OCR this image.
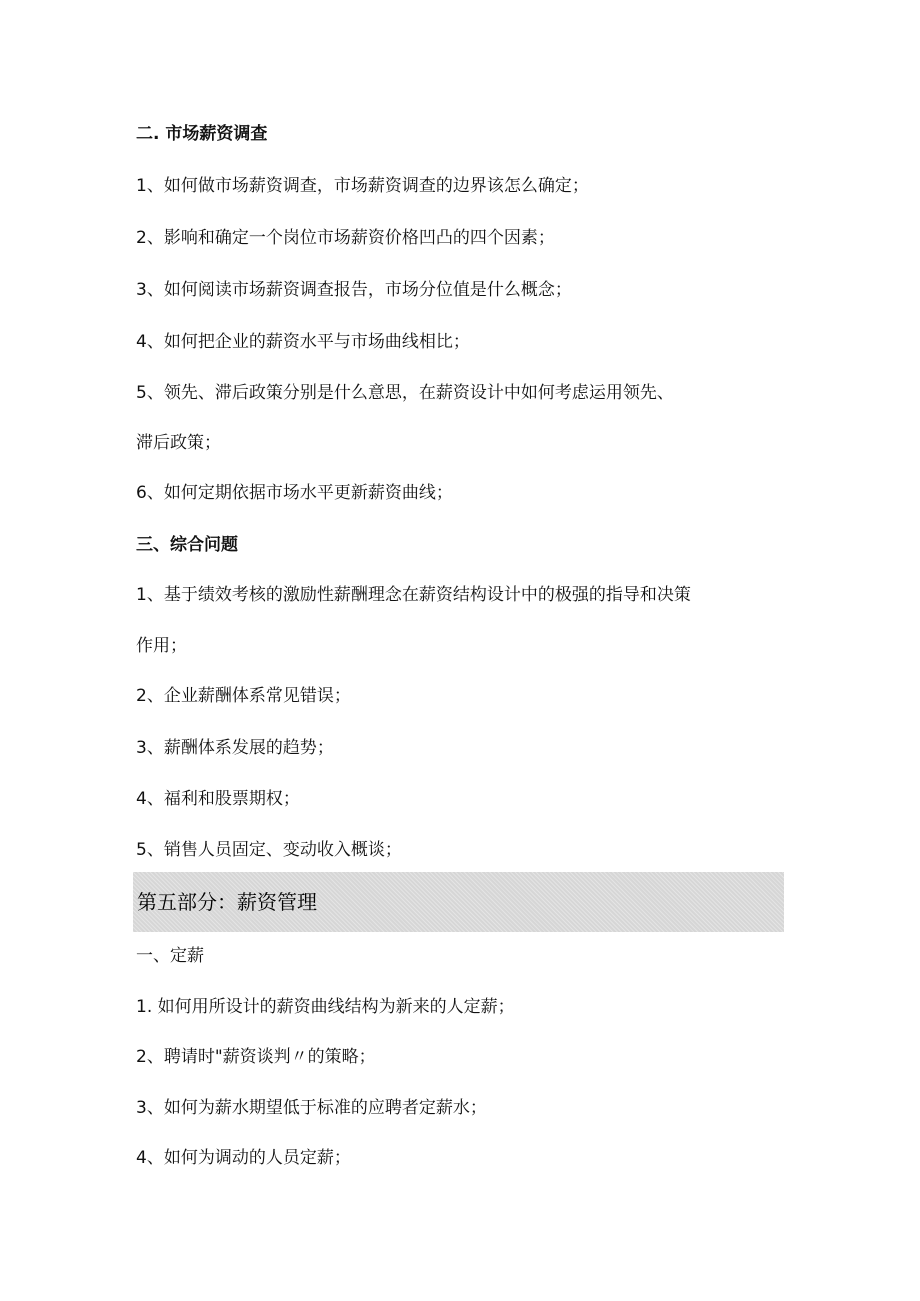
二. 市场薪资调查

1、如何做市场薪资调查，市场薪资调查的边界该怎么确定；

2、影响和确定一个岗位市场薪资价格凹凸的四个因素；

3、如何阅读市场薪资调查报告，市场分位值是什么概念；

4、如何把企业的薪资水平与市场曲线相比；

5、领先、滞后政策分别是什么意思，在薪资设计中如何考虑运用领先、

滞后政策；

6、如何定期依据市场水平更新薪资曲线；

三、综合问题

1、基于绩效考核的激励性薪酬理念在薪资结构设计中的极强的指导和决策

作用；

2、企业薪酬体系常见错误；

3、薪酬体系发展的趋势；

4、福利和股票期权；

5、销售人员固定、变动收入概谈；

第五部分：薪资管理

一、定薪

1. 如何用所设计的薪资曲线结构为新来的人定薪；

2、聘请时"薪资谈判〃的策略；

3、如何为薪水期望低于标准的应聘者定薪水；

4、如何为调动的人员定薪；
